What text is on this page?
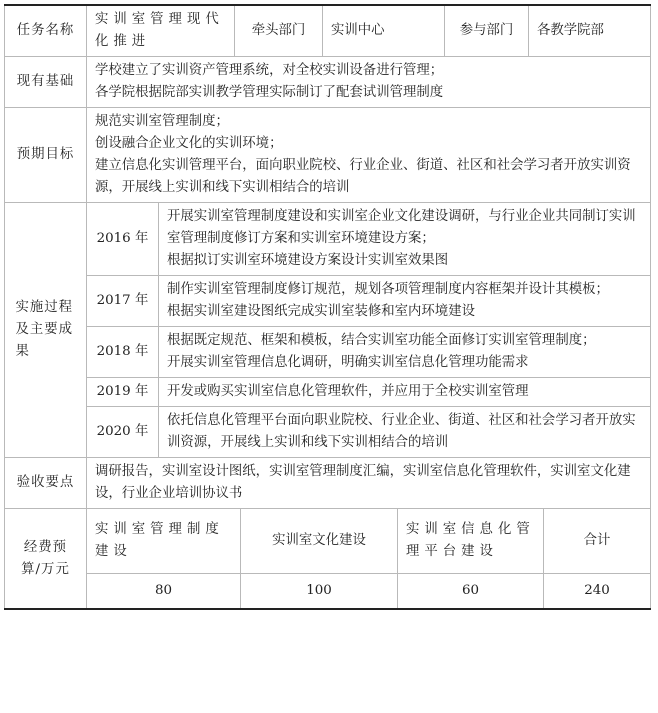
任务名称	实训室管理现代化推进		牵头部门	实训中心	参与部门	各教学院部
现有基础	学校建立了实训资产管理系统，对全校实训设备进行管理；
各学院根据院部实训教学管理实际制订了配套试训管理制度					

预期目标	规范实训室管理制度；
创设融合企业文化的实训环境；
建立信息化实训管理平台，面向职业院校、行业企业、街道、社区和社会学习者开放实训资源，开展线上实训和线下实训相结合的培训					

实施过程及主要成果	2016 年	开展实训室管理制度建设和实训室企业文化建设调研，与行业企业共同制订实训室管理制度修订方案和实训室环境建设方案；
根据拟订实训室环境建设方案设计实训室效果图				

	2017 年	制作实训室管理制度修订规范，规划各项管理制度内容框架并设计其模板；
根据实训室建设图纸完成实训室装修和室内环境建设				

	2018 年	根据既定规范、框架和模板，结合实训室功能全面修订实训室管理制度；
开展实训室管理信息化调研，明确实训室信息化管理功能需求				

	2019 年	开发或购买实训室信息化管理软件，并应用于全校实训室管理				

	2020 年	依托信息化管理平台面向职业院校、行业企业、街道、社区和社会学习者开放实训资源，开展线上实训和线下实训相结合的培训				

验收要点	调研报告，实训室设计图纸，实训室管理制度汇编，实训室信息化管理软件，实训室文化建设，行业企业培训协议书					
经费预算/万元	实训室管理制度建设	实训室文化建设	实训室信息化管理平台建设	合计
	80	100	60	240
